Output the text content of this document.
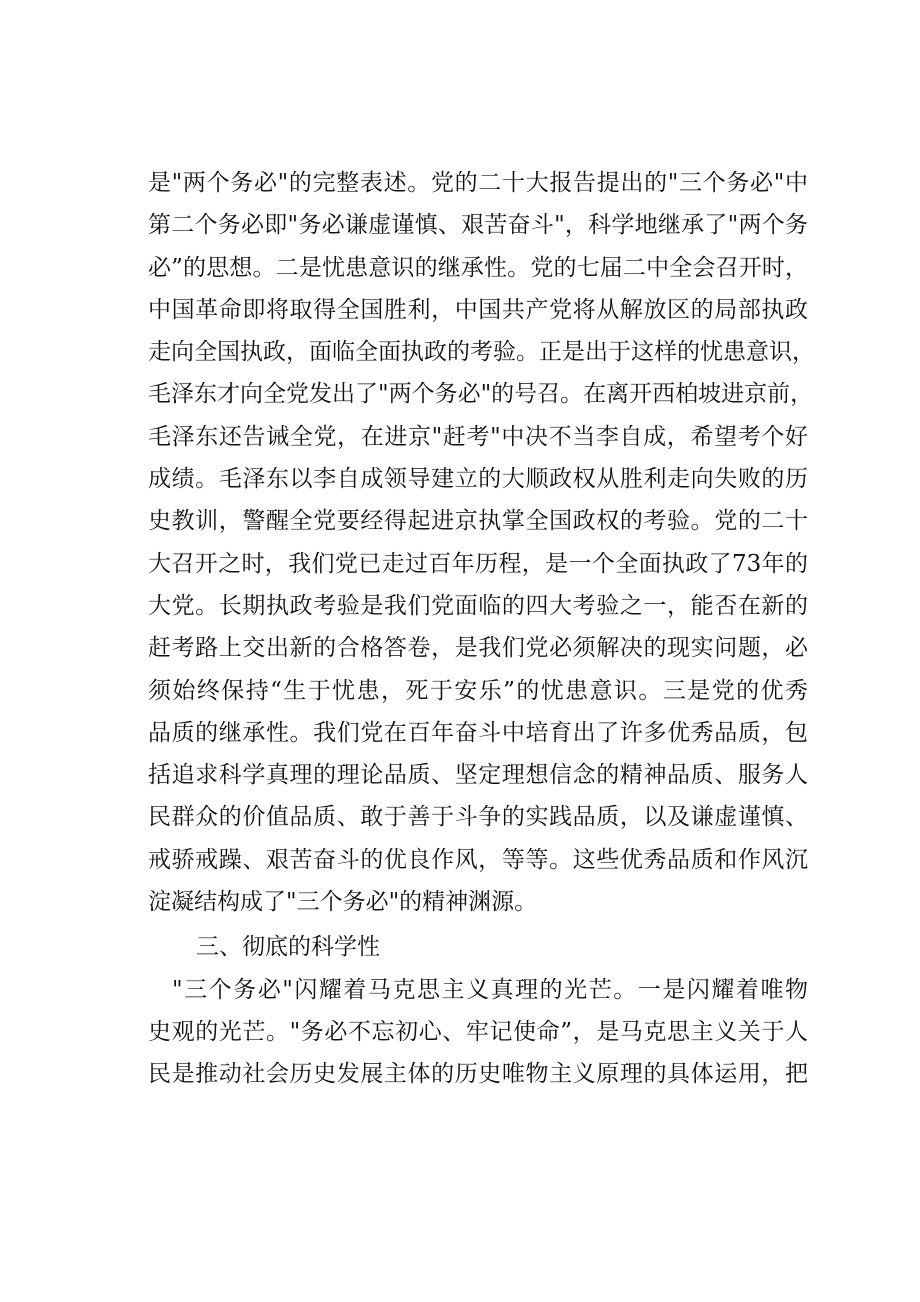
是"两个务必"的完整表述。党的二十大报告提出的"三个务必"中
第二个务必即"务必谦虚谨慎、艰苦奋斗"，科学地继承了"两个务
必”的思想。二是忧患意识的继承性。党的七届二中全会召开时，
中国革命即将取得全国胜利，中国共产党将从解放区的局部执政
走向全国执政，面临全面执政的考验。正是出于这样的忧患意识，
毛泽东才向全党发出了"两个务必"的号召。在离开西柏坡进京前，
毛泽东还告诫全党，在进京"赶考"中决不当李自成，希望考个好
成绩。毛泽东以李自成领导建立的大顺政权从胜利走向失败的历
史教训，警醒全党要经得起进京执掌全国政权的考验。党的二十
大召开之时，我们党已走过百年历程，是一个全面执政了73年的
大党。长期执政考验是我们党面临的四大考验之一，能否在新的
赶考路上交出新的合格答卷，是我们党必须解决的现实问题，必
须始终保持“生于忧患，死于安乐”的忧患意识。三是党的优秀
品质的继承性。我们党在百年奋斗中培育出了许多优秀品质，包
括追求科学真理的理论品质、坚定理想信念的精神品质、服务人
民群众的价值品质、敢于善于斗争的实践品质，以及谦虚谨慎、
戒骄戒躁、艰苦奋斗的优良作风，等等。这些优秀品质和作风沉
淀凝结构成了"三个务必"的精神渊源。
三、彻底的科学性
"三个务必"闪耀着马克思主义真理的光芒。一是闪耀着唯物
史观的光芒。"务必不忘初心、牢记使命”，是马克思主义关于人
民是推动社会历史发展主体的历史唯物主义原理的具体运用，把
